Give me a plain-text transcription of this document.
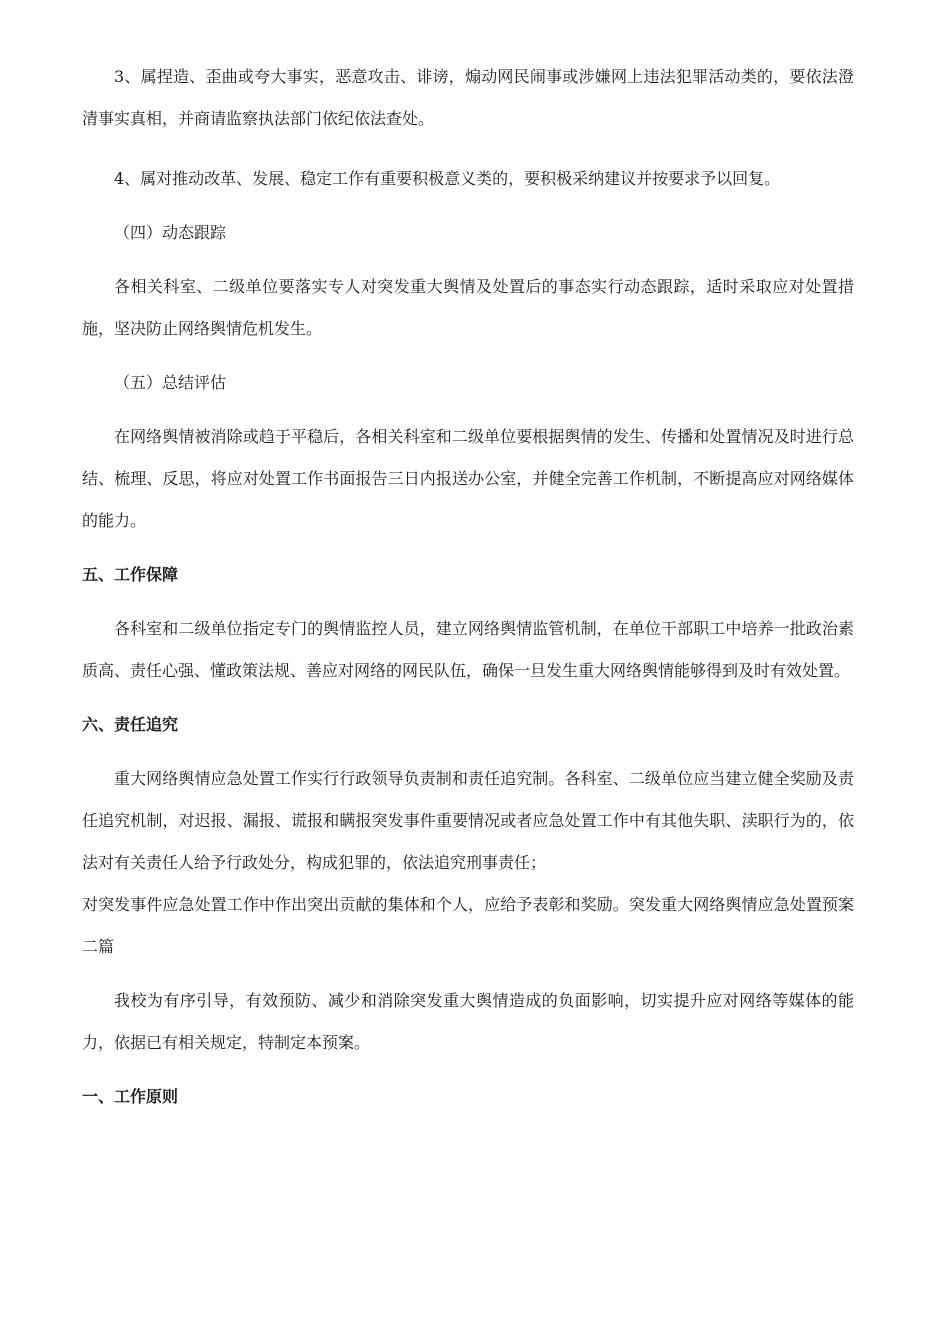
3、属捏造、歪曲或夸大事实，恶意攻击、诽谤，煽动网民闹事或涉嫌网上违法犯罪活动类的，要依法澄清事实真相，并商请监察执法部门依纪依法查处。

4、属对推动改革、发展、稳定工作有重要积极意义类的，要积极采纳建议并按要求予以回复。

（四）动态跟踪

各相关科室、二级单位要落实专人对突发重大舆情及处置后的事态实行动态跟踪，适时采取应对处置措施，坚决防止网络舆情危机发生。

（五）总结评估

在网络舆情被消除或趋于平稳后，各相关科室和二级单位要根据舆情的发生、传播和处置情况及时进行总结、梳理、反思，将应对处置工作书面报告三日内报送办公室，并健全完善工作机制，不断提高应对网络媒体的能力。

五、工作保障

各科室和二级单位指定专门的舆情监控人员，建立网络舆情监管机制，在单位干部职工中培养一批政治素质高、责任心强、懂政策法规、善应对网络的网民队伍，确保一旦发生重大网络舆情能够得到及时有效处置。

六、责任追究

重大网络舆情应急处置工作实行行政领导负责制和责任追究制。各科室、二级单位应当建立健全奖励及责任追究机制，对迟报、漏报、谎报和瞒报突发事件重要情况或者应急处置工作中有其他失职、渎职行为的，依法对有关责任人给予行政处分，构成犯罪的，依法追究刑事责任；

对突发事件应急处置工作中作出突出贡献的集体和个人，应给予表彰和奖励。突发重大网络舆情应急处置预案二篇

我校为有序引导，有效预防、减少和消除突发重大舆情造成的负面影响，切实提升应对网络等媒体的能力，依据已有相关规定，特制定本预案。

一、工作原则
